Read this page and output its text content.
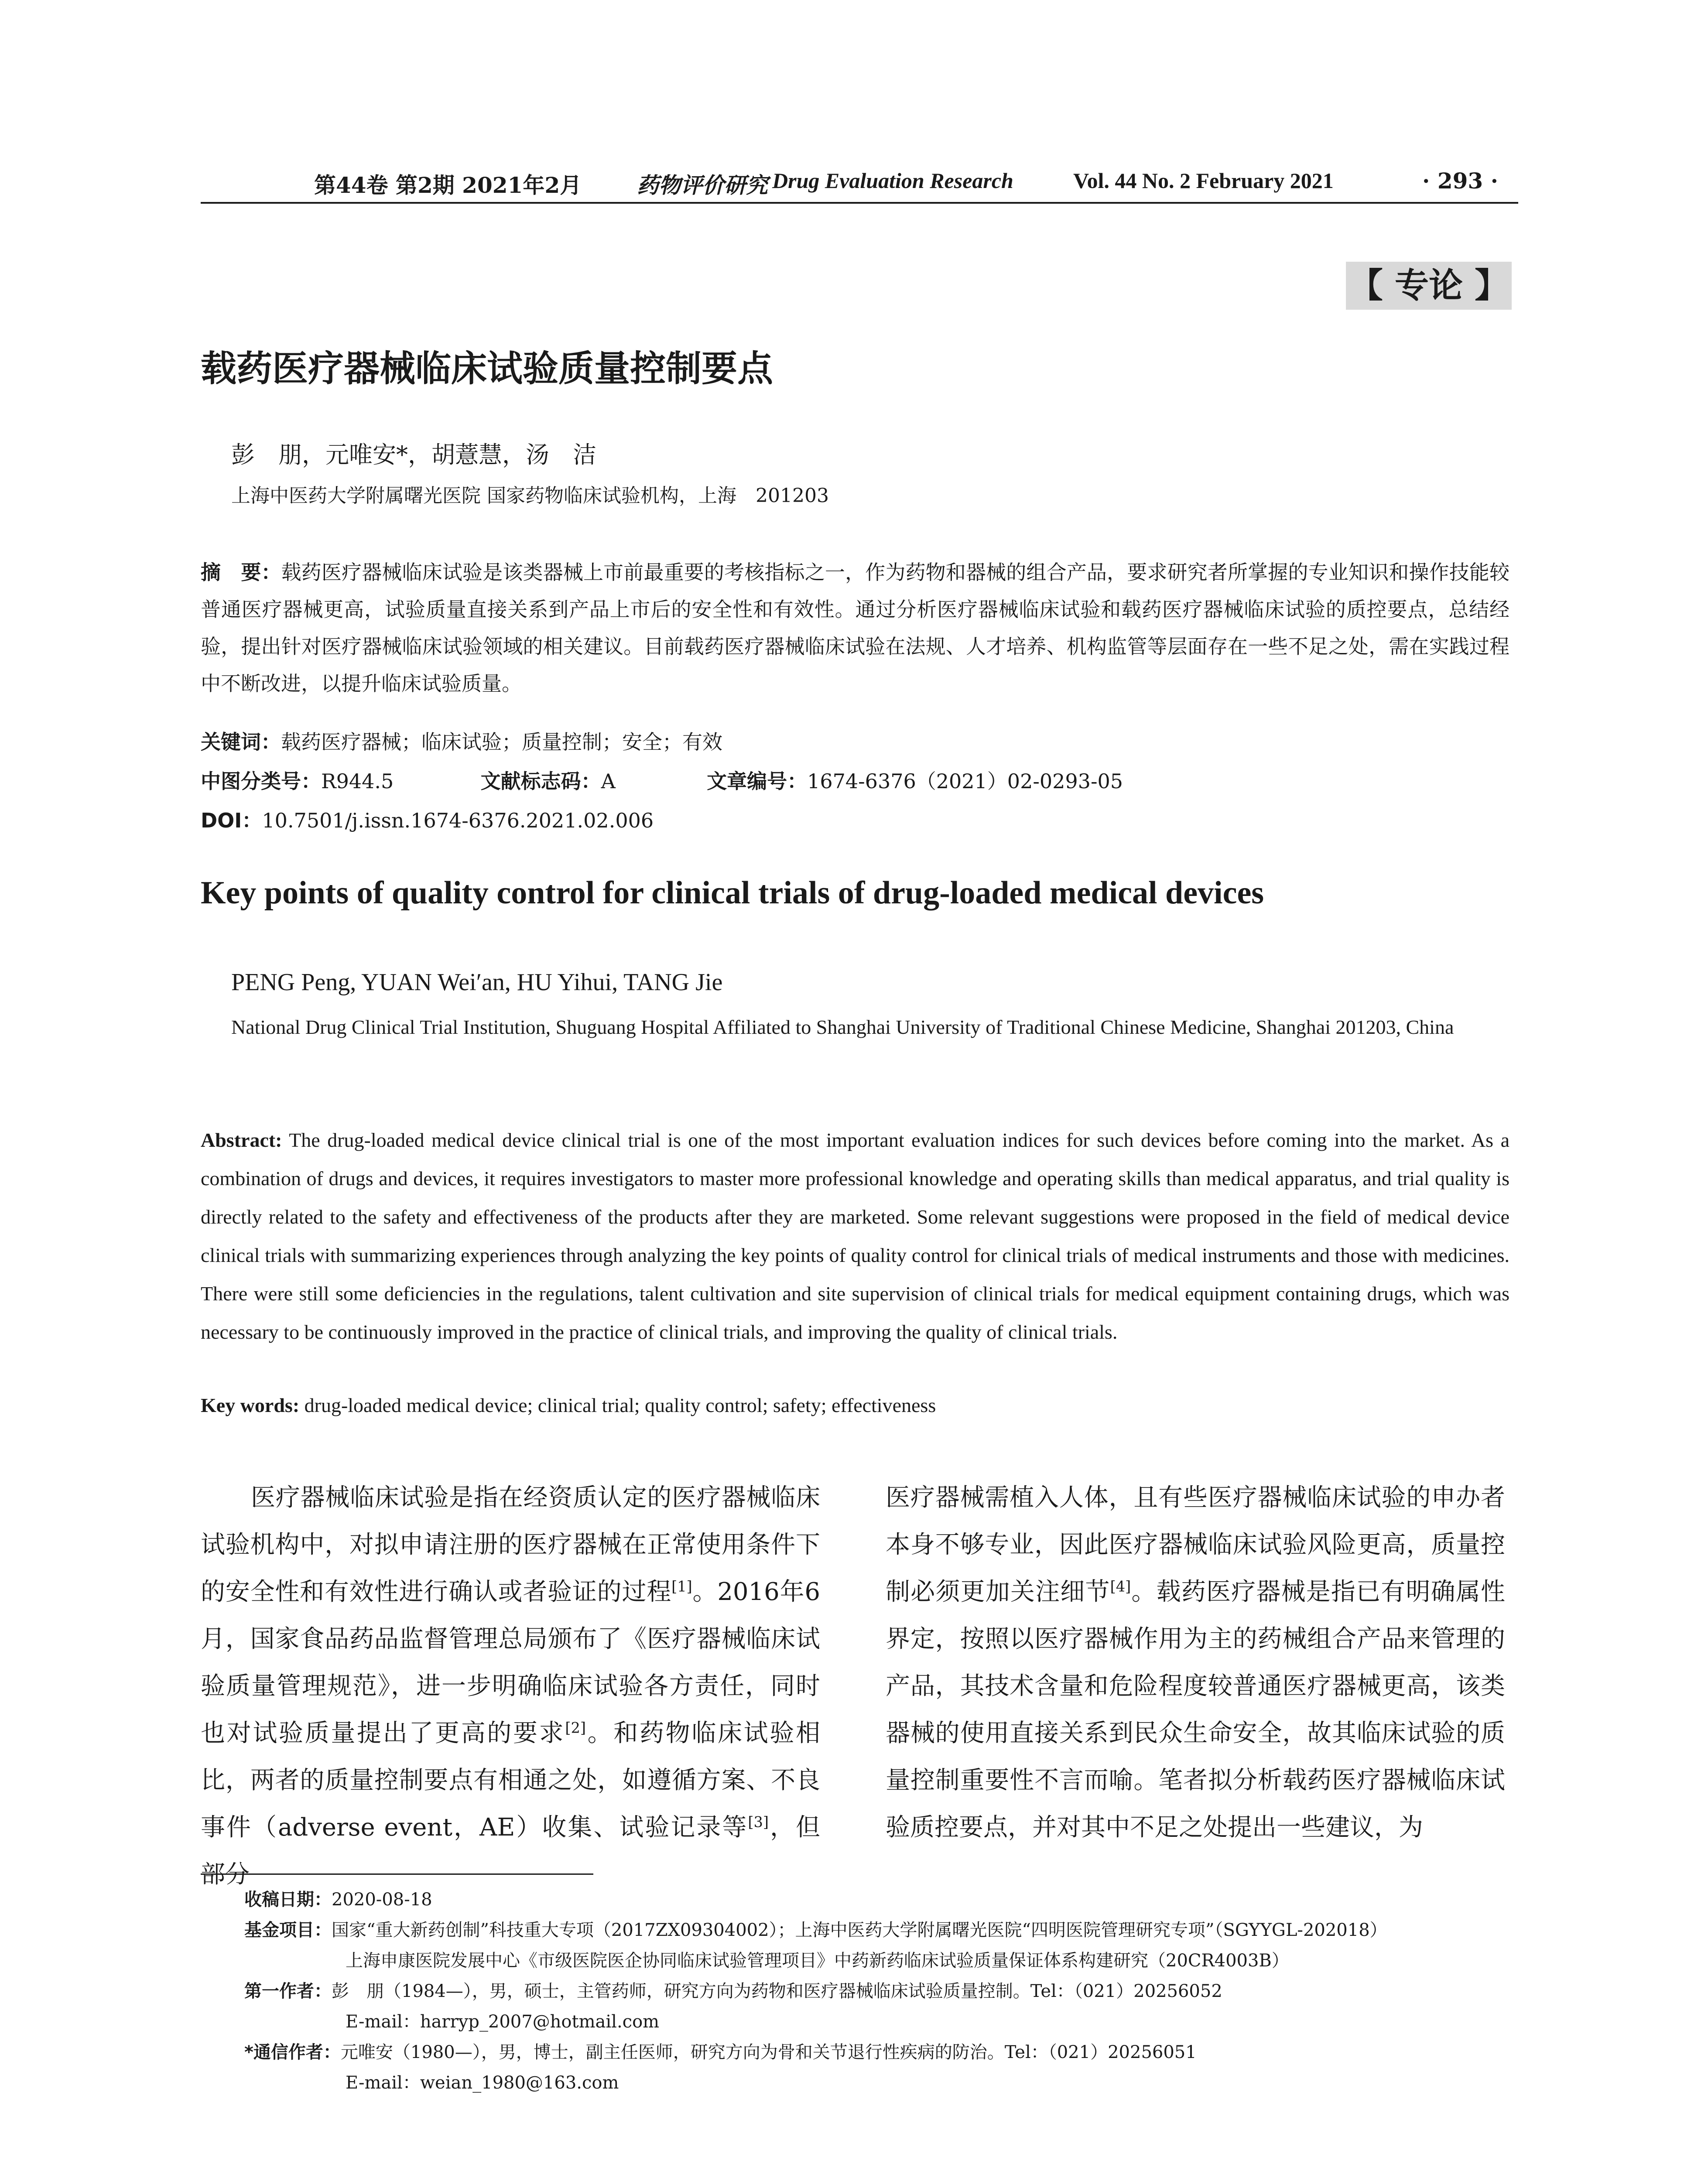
第44卷 第2期 2021年2月	药物评价研究 Drug Evaluation Research	Vol. 44 No. 2 February 2021	· 293 ·
【 专论 】
载药医疗器械临床试验质量控制要点
彭　朋，元唯安*，胡薏慧，汤　洁
上海中医药大学附属曙光医院 国家药物临床试验机构，上海　201203
摘　要：载药医疗器械临床试验是该类器械上市前最重要的考核指标之一，作为药物和器械的组合产品，要求研究者所掌握的专业知识和操作技能较普通医疗器械更高，试验质量直接关系到产品上市后的安全性和有效性。通过分析医疗器械临床试验和载药医疗器械临床试验的质控要点，总结经验，提出针对医疗器械临床试验领域的相关建议。目前载药医疗器械临床试验在法规、人才培养、机构监管等层面存在一些不足之处，需在实践过程中不断改进，以提升临床试验质量。
关键词：载药医疗器械；临床试验；质量控制；安全；有效
中图分类号：R944.5	文献标志码：A	文章编号：1674-6376（2021）02-0293-05
DOI：10.7501/j.issn.1674-6376.2021.02.006
Key points of quality control for clinical trials of drug-loaded medical devices
PENG Peng, YUAN Wei′an, HU Yihui, TANG Jie
National Drug Clinical Trial Institution, Shuguang Hospital Affiliated to Shanghai University of Traditional Chinese Medicine, Shanghai 201203, China
Abstract: The drug-loaded medical device clinical trial is one of the most important evaluation indices for such devices before coming into the market. As a combination of drugs and devices, it requires investigators to master more professional knowledge and operating skills than medical apparatus, and trial quality is directly related to the safety and effectiveness of the products after they are marketed. Some relevant suggestions were proposed in the field of medical device clinical trials with summarizing experiences through analyzing the key points of quality control for clinical trials of medical instruments and those with medicines. There were still some deficiencies in the regulations, talent cultivation and site supervision of clinical trials for medical equipment containing drugs, which was necessary to be continuously improved in the practice of clinical trials, and improving the quality of clinical trials.
Key words: drug-loaded medical device; clinical trial; quality control; safety; effectiveness
医疗器械临床试验是指在经资质认定的医疗器械临床试验机构中，对拟申请注册的医疗器械在正常使用条件下的安全性和有效性进行确认或者验证的过程[1]。2016年6月，国家食品药品监督管理总局颁布了《医疗器械临床试验质量管理规范》，进一步明确临床试验各方责任，同时也对试验质量提出了更高的要求[2]。和药物临床试验相比，两者的质量控制要点有相通之处，如遵循方案、不良事件（adverse event，AE）收集、试验记录等[3]，但部分
医疗器械需植入人体，且有些医疗器械临床试验的申办者本身不够专业，因此医疗器械临床试验风险更高，质量控制必须更加关注细节[4]。载药医疗器械是指已有明确属性界定，按照以医疗器械作用为主的药械组合产品来管理的产品，其技术含量和危险程度较普通医疗器械更高，该类器械的使用直接关系到民众生命安全，故其临床试验的质量控制重要性不言而喻。笔者拟分析载药医疗器械临床试验质控要点，并对其中不足之处提出一些建议，为
收稿日期：2020-08-18
基金项目：国家“重大新药创制”科技重大专项（2017ZX09304002）；上海中医药大学附属曙光医院“四明医院管理研究专项”（SGYYGL-202018）
上海申康医院发展中心《市级医院医企协同临床试验管理项目》中药新药临床试验质量保证体系构建研究（20CR4003B）
第一作者：彭　朋（1984—），男，硕士，主管药师，研究方向为药物和医疗器械临床试验质量控制。Tel：（021）20256052
E-mail：harryp_2007@hotmail.com
*通信作者：元唯安（1980—），男，博士，副主任医师，研究方向为骨和关节退行性疾病的防治。Tel：（021）20256051
E-mail：weian_1980@163.com
